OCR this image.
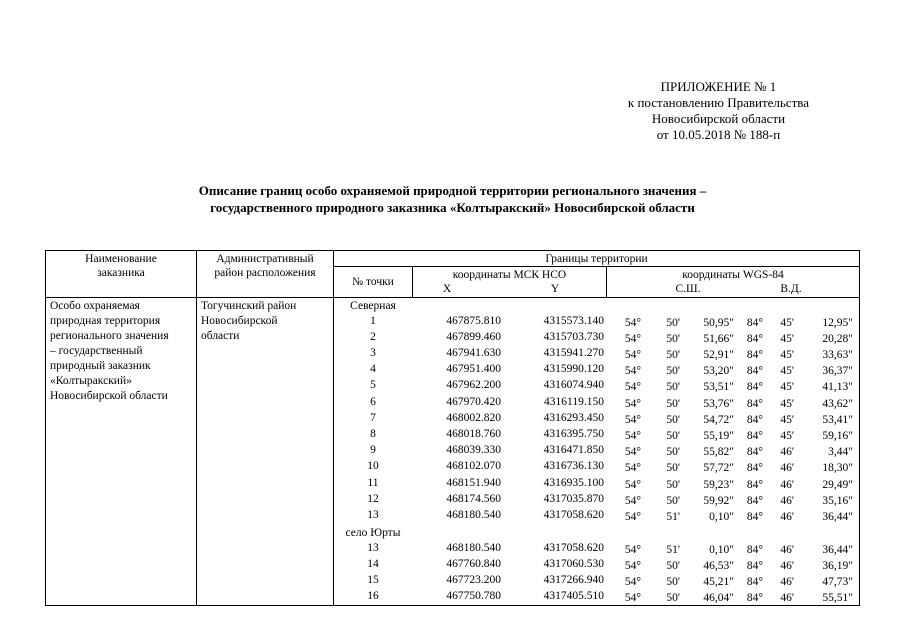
ПРИЛОЖЕНИЕ № 1
к постановлению Правительства
Новосибирской области
от 10.05.2018 № 188-п
Описание границ особо охраняемой природной территории регионального значения –
государственного природного заказника «Колтыракский» Новосибирской области
Наименование
заказника
Административный
район расположения
Границы территории
№ точки
координаты МСК НСО
X	Y
координаты WGS-84
С.Ш.	В.Д.
Особо охраняемая
природная территория
регионального значения
– государственный
природный заказник
«Колтыракский»
Новосибирской области
Тогучинский район
Новосибирской
области
Северная
1	467875.810	4315573.140	54°	50'	50,95"	84°	45'	12,95"
2	467899.460	4315703.730	54°	50'	51,66"	84°	45'	20,28"
3	467941.630	4315941.270	54°	50'	52,91"	84°	45'	33,63"
4	467951.400	4315990.120	54°	50'	53,20"	84°	45'	36,37"
5	467962.200	4316074.940	54°	50'	53,51"	84°	45'	41,13"
6	467970.420	4316119.150	54°	50'	53,76"	84°	45'	43,62"
7	468002.820	4316293.450	54°	50'	54,72"	84°	45'	53,41"
8	468018.760	4316395.750	54°	50'	55,19"	84°	45'	59,16"
9	468039.330	4316471.850	54°	50'	55,82"	84°	46'	3,44"
10	468102.070	4316736.130	54°	50'	57,72"	84°	46'	18,30"
11	468151.940	4316935.100	54°	50'	59,23"	84°	46'	29,49"
12	468174.560	4317035.870	54°	50'	59,92"	84°	46'	35,16"
13	468180.540	4317058.620	54°	51'	0,10"	84°	46'	36,44"
село Юрты
13	468180.540	4317058.620	54°	51'	0,10"	84°	46'	36,44"
14	467760.840	4317060.530	54°	50'	46,53"	84°	46'	36,19"
15	467723.200	4317266.940	54°	50'	45,21"	84°	46'	47,73"
16	467750.780	4317405.510	54°	50'	46,04"	84°	46'	55,51"
